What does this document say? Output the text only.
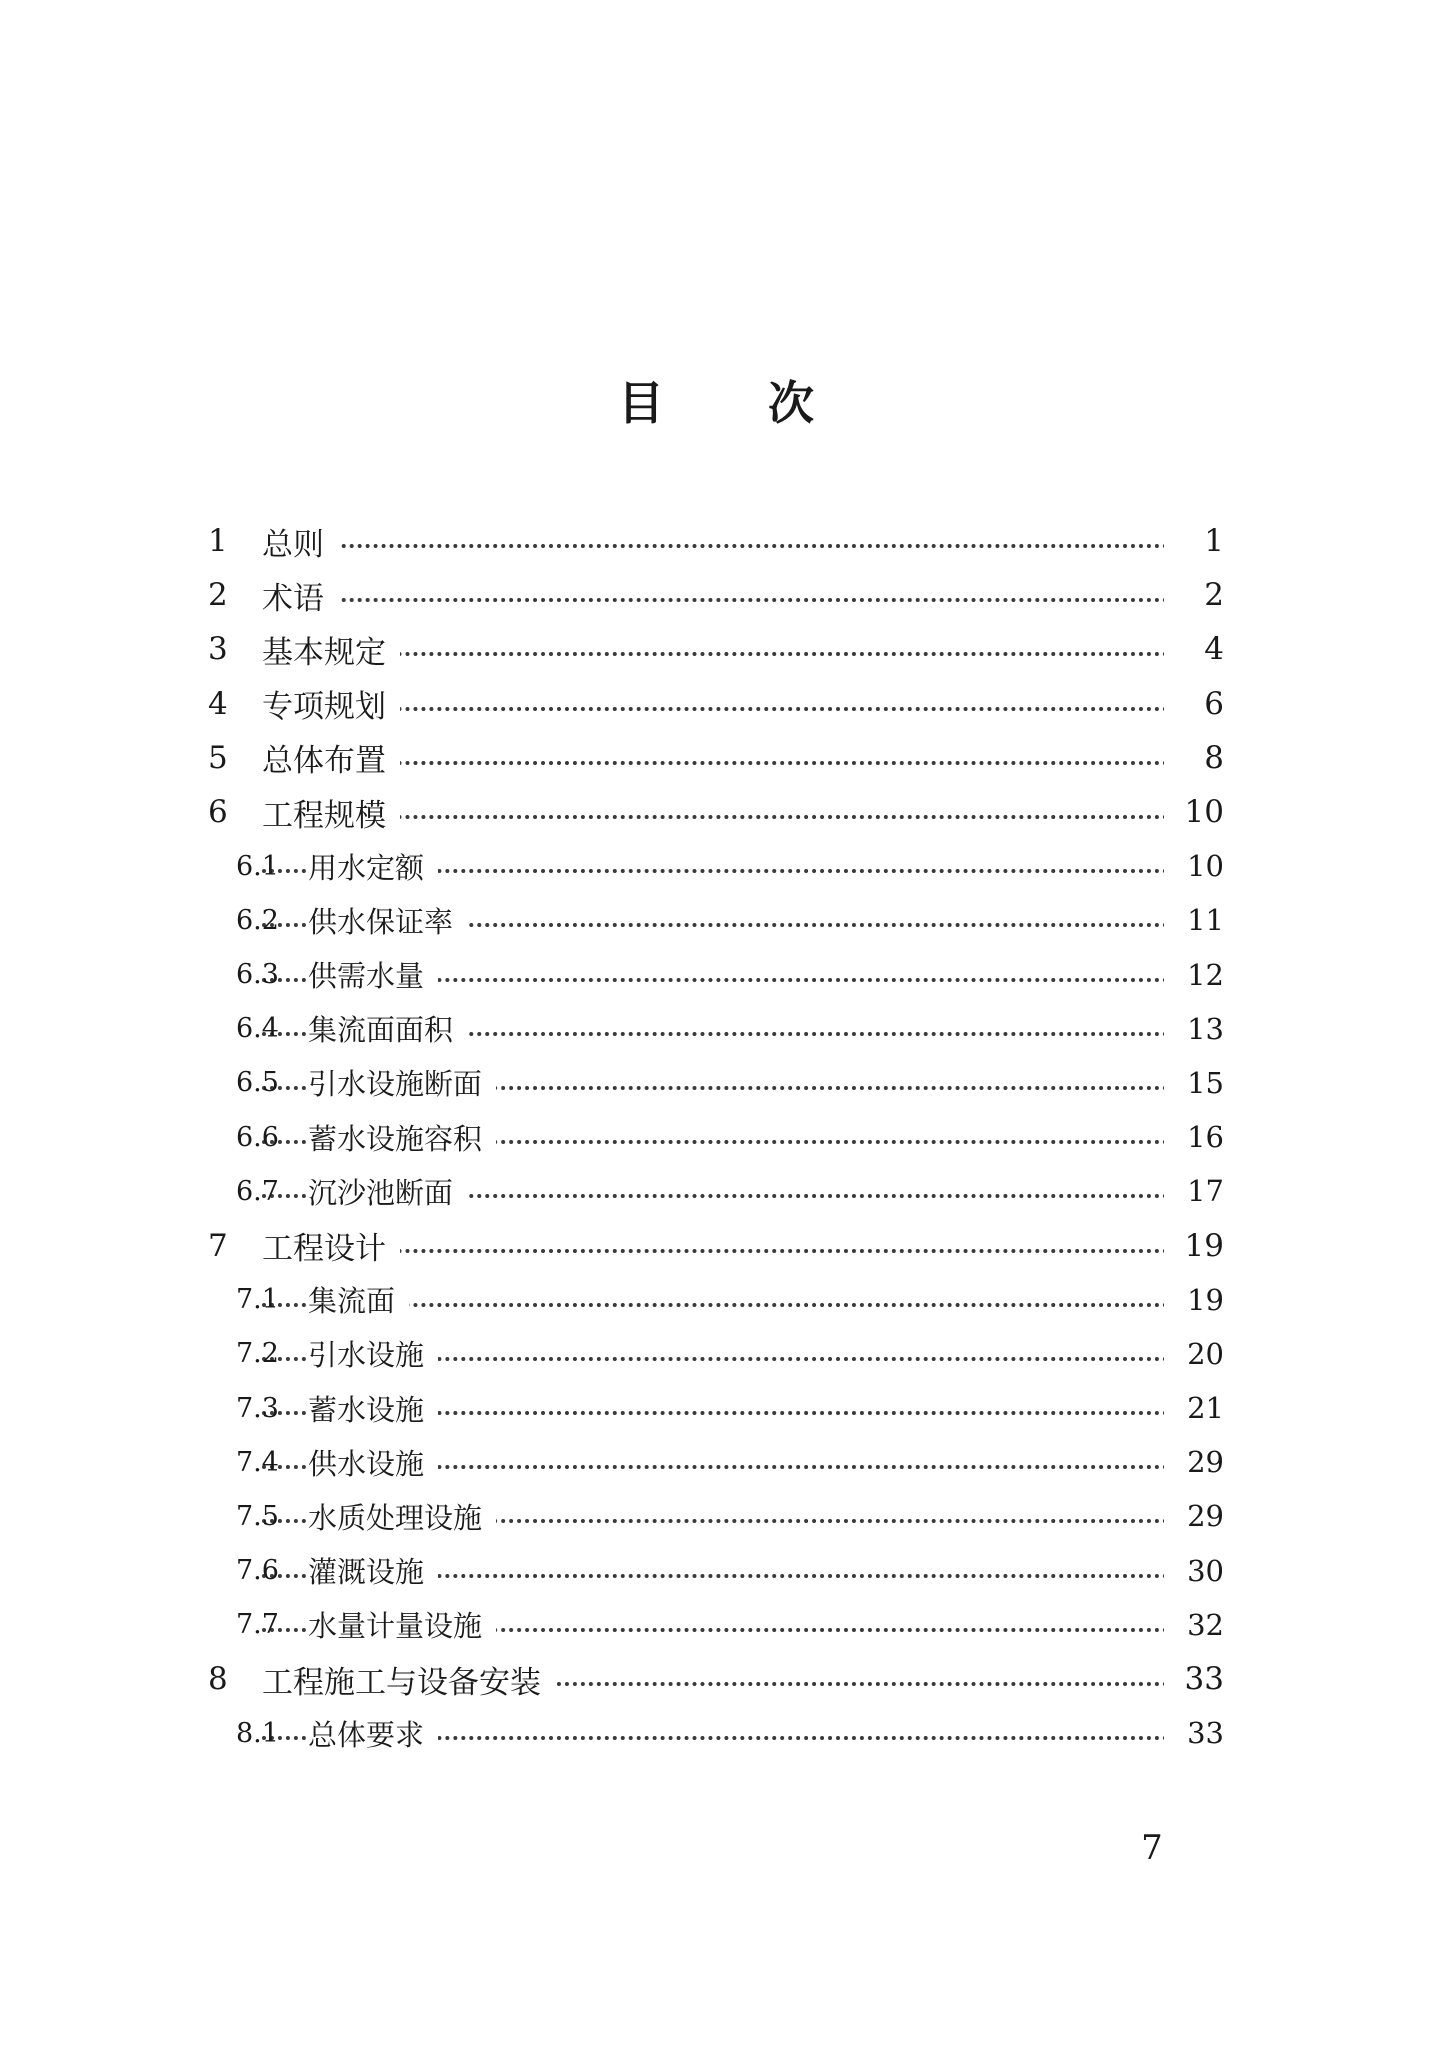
目 次
1	总则	1
2	术语	2
3	基本规定	4
4	专项规划	6
5	总体布置	8
6	工程规模	10
6.1 用水定额	10
6.2 供水保证率	11
6.3 供需水量	12
6.4 集流面面积	13
6.5 引水设施断面	15
6.6 蓄水设施容积	16
6.7 沉沙池断面	17
7	工程设计	19
7.1 集流面	19
7.2 引水设施	20
7.3 蓄水设施	21
7.4 供水设施	29
7.5 水质处理设施	29
7.6 灌溉设施	30
7.7 水量计量设施	32
8	工程施工与设备安装	33
8.1 总体要求	33
7
